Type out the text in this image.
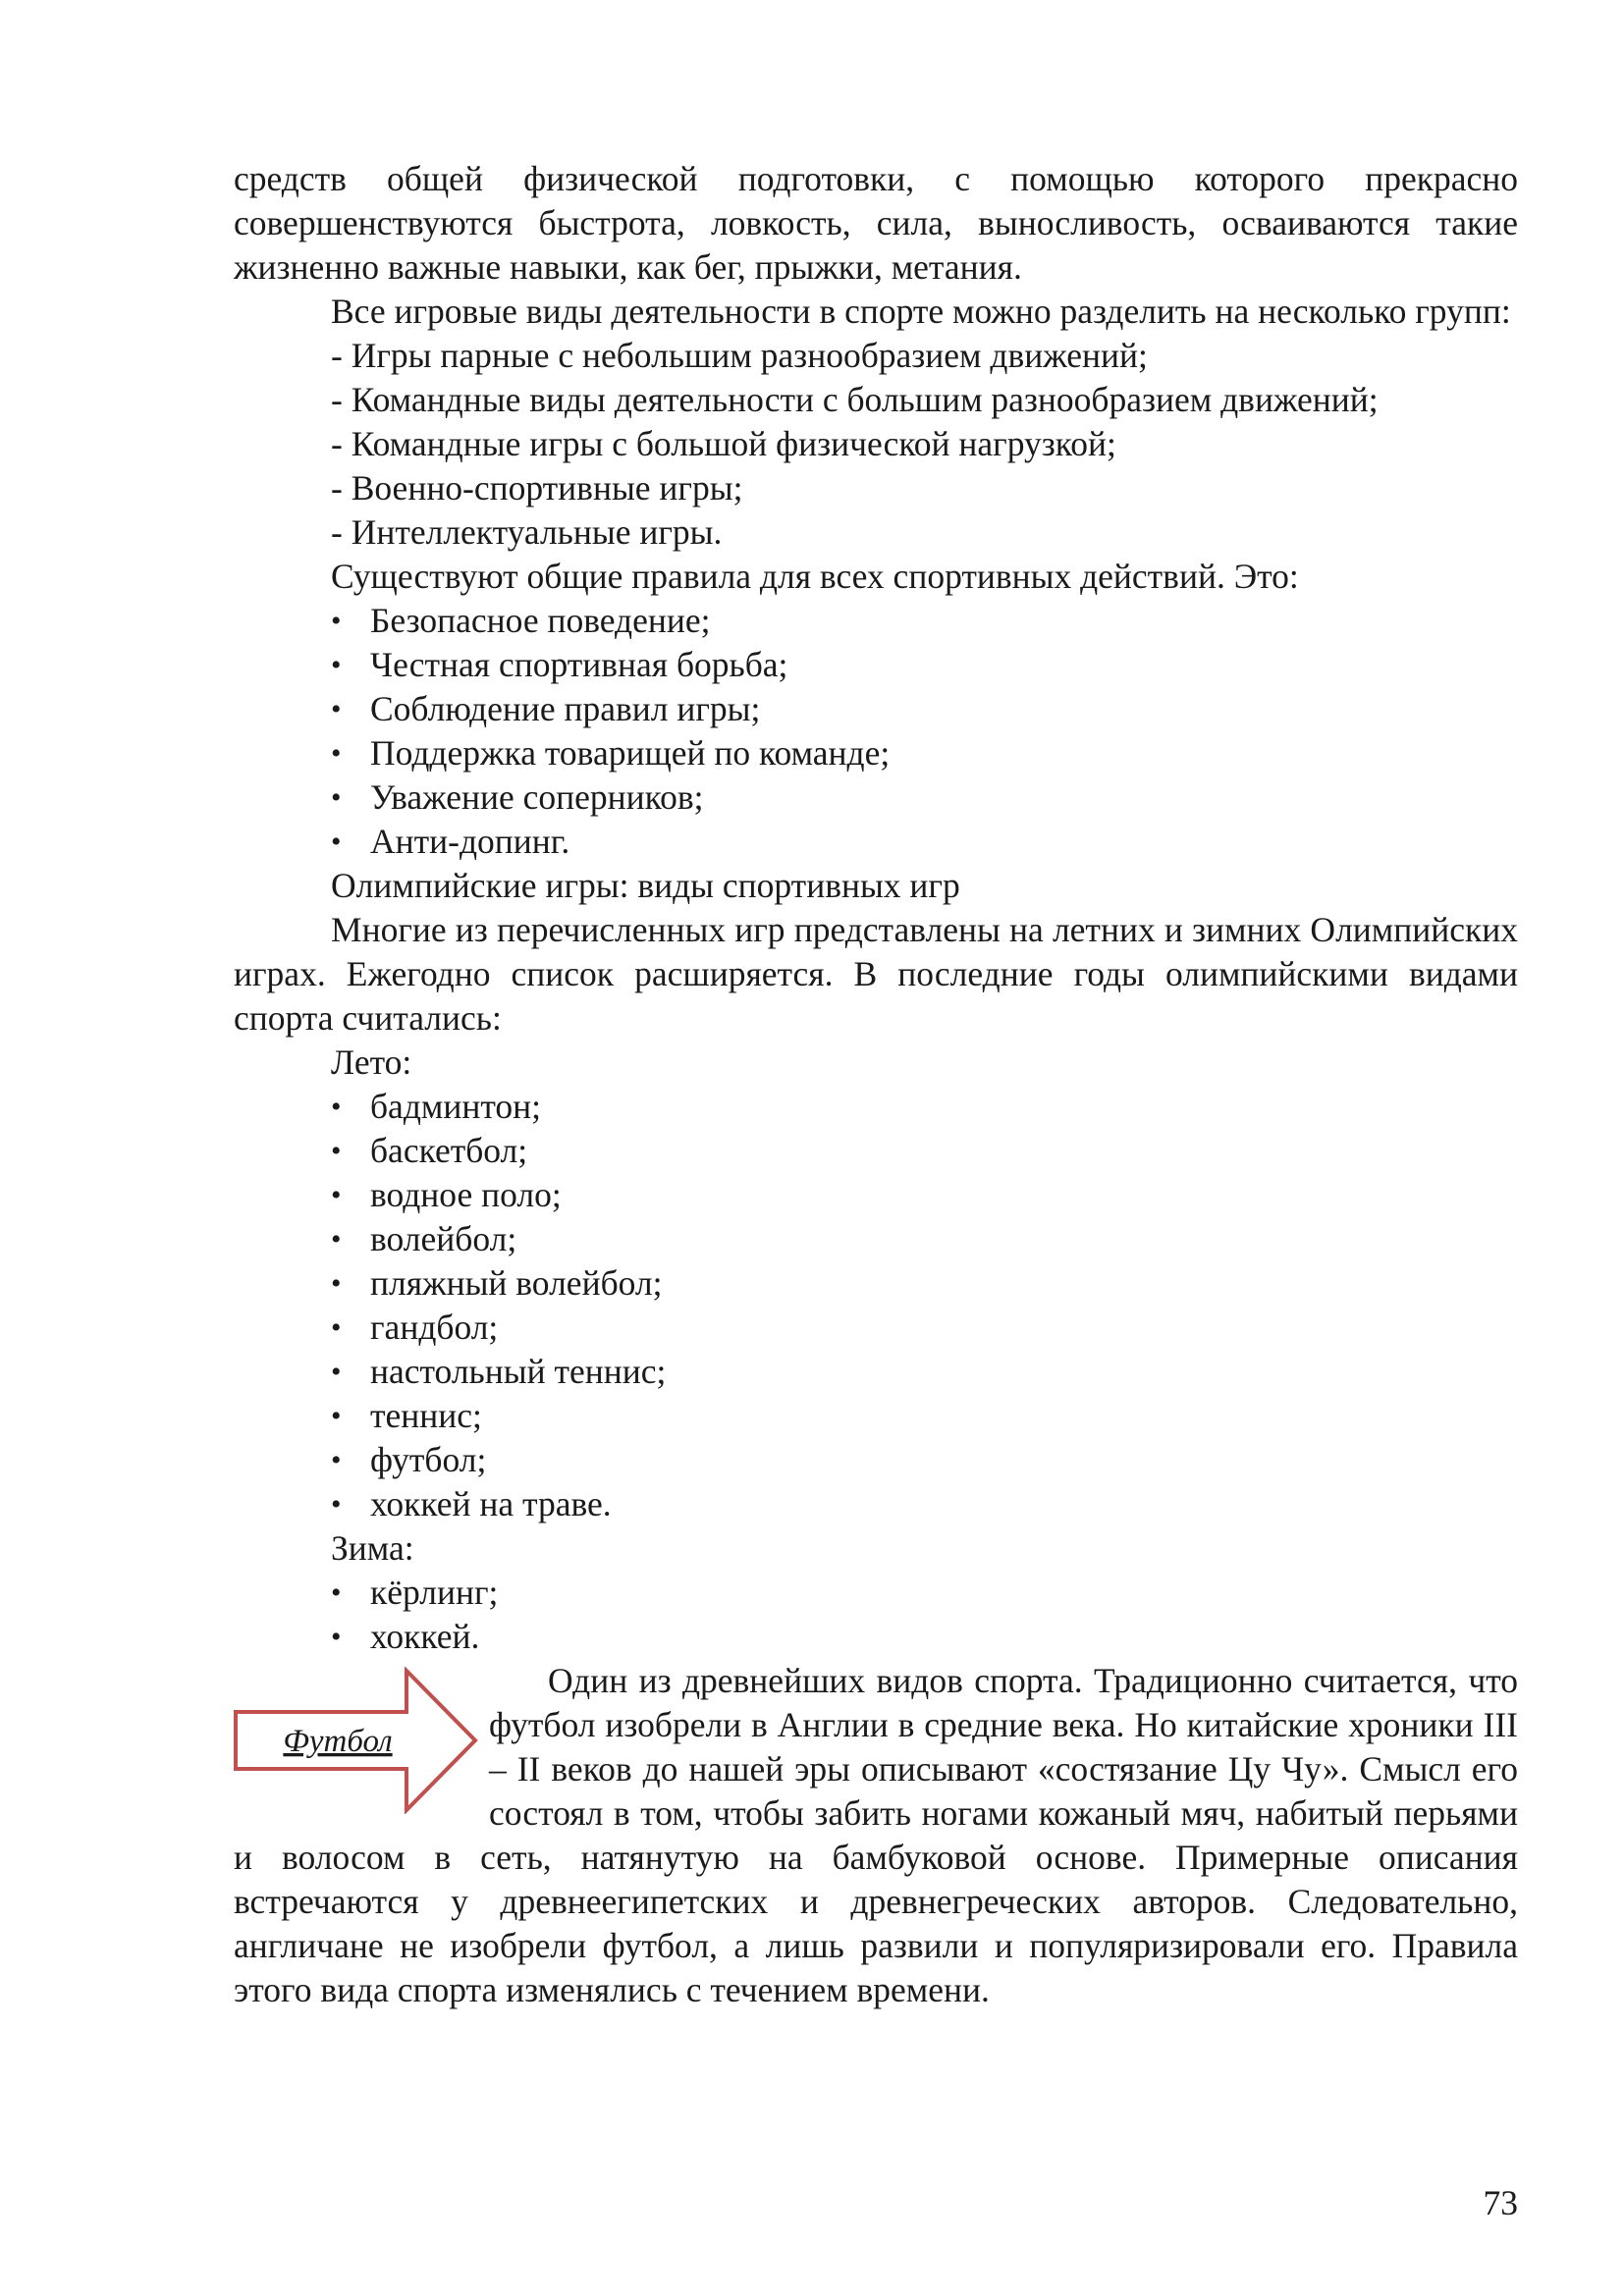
средств общей физической подготовки, с помощью которого прекрасно совершенствуются быстрота, ловкость, сила, выносливость, осваиваются такие жизненно важные навыки, как бег, прыжки, метания.

Все игровые виды деятельности в спорте можно разделить на несколько групп:

- Игры парные с небольшим разнообразием движений;

- Командные виды деятельности с большим разнообразием движений;

- Командные игры с большой физической нагрузкой;

- Военно-спортивные игры;

- Интеллектуальные игры.

Существуют общие правила для всех спортивных действий. Это:

• Безопасное поведение;
• Честная спортивная борьба;
• Соблюдение правил игры;
• Поддержка товарищей по команде;
• Уважение соперников;
• Анти-допинг.

Олимпийские игры: виды спортивных игр

Многие из перечисленных игр представлены на летних и зимних Олимпийских играх. Ежегодно список расширяется. В последние годы олимпийскими видами спорта считались:

Лето:

• бадминтон;
• баскетбол;
• водное поло;
• волейбол;
• пляжный волейбол;
• гандбол;
• настольный теннис;
• теннис;
• футбол;
• хоккей на траве.

Зима:

• кёрлинг;
• хоккей.
Футбол

Один из древнейших видов спорта. Традиционно считается, что футбол изобрели в Англии в средние века. Но китайские хроники III – II веков до нашей эры описывают «состязание Цу Чу». Смысл его состоял в том, чтобы забить ногами кожаный мяч, набитый перьями и волосом в сеть, натянутую на бамбуковой основе. Примерные описания встречаются у древнеегипетских и древнегреческих авторов. Следовательно, англичане не изобрели футбол, а лишь развили и популяризировали его. Правила этого вида спорта изменялись с течением времени.

73
